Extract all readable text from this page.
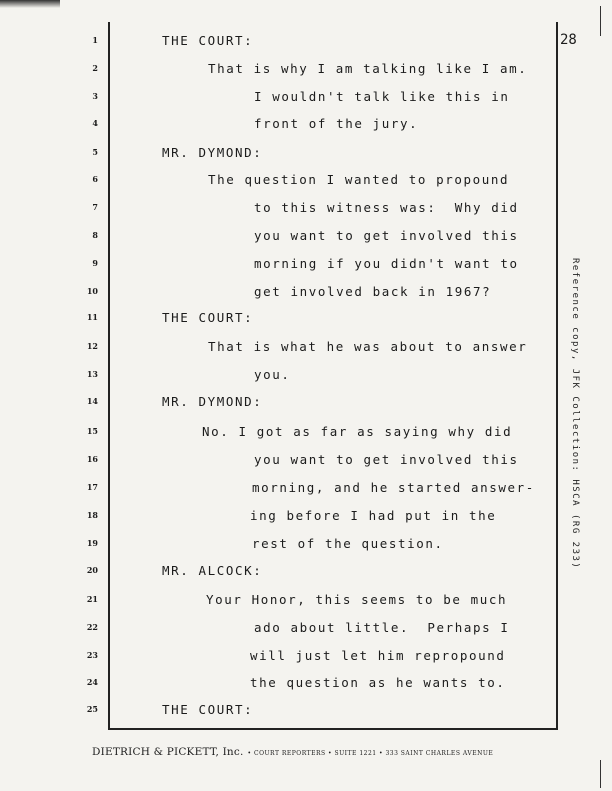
28
1
2
3
4
5
6
7
8
9
10
11
12
13
14
15
16
17
18
19
20
21
22
23
24
25
THE COURT:
That is why I am talking like I am.
I wouldn't talk like this in
front of the jury.
MR. DYMOND:
The question I wanted to propound
to this witness was:  Why did
you want to get involved this
morning if you didn't want to
get involved back in 1967?
THE COURT:
That is what he was about to answer
you.
MR. DYMOND:
No. I got as far as saying why did
you want to get involved this
morning, and he started answer-
ing before I had put in the
rest of the question.
MR. ALCOCK:
Your Honor, this seems to be much
ado about little.  Perhaps I
will just let him repropound
the question as he wants to.
THE COURT:
Reference copy, JFK Collection: HSCA (RG 233)
DIETRICH & PICKETT, Inc. • COURT REPORTERS • SUITE 1221 • 333 SAINT CHARLES AVENUE
